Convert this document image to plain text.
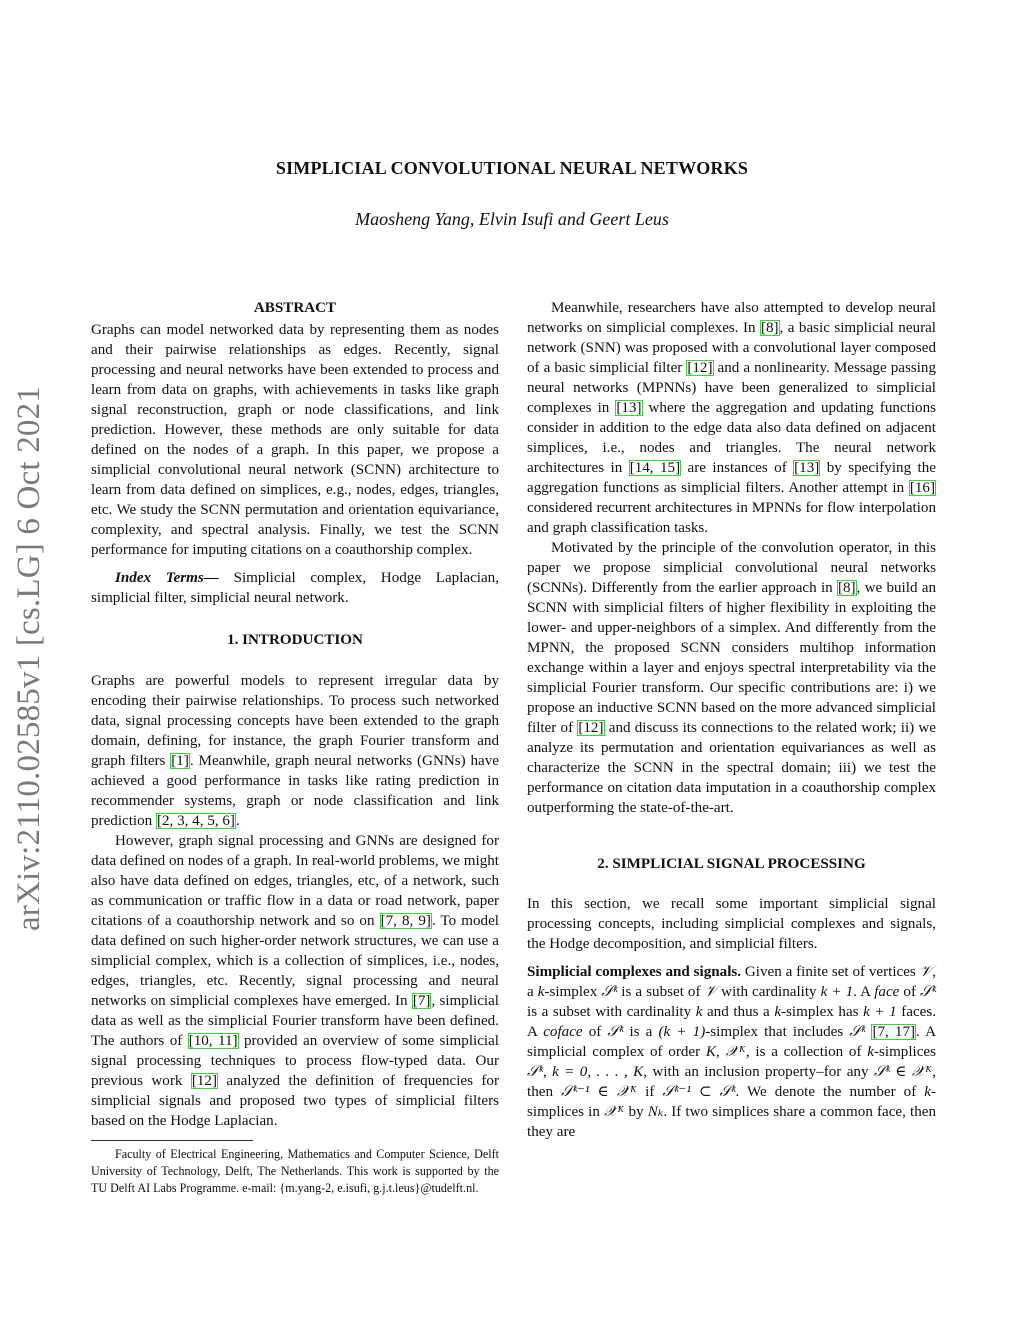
arXiv:2110.02585v1 [cs.LG] 6 Oct 2021
SIMPLICIAL CONVOLUTIONAL NEURAL NETWORKS
Maosheng Yang, Elvin Isufi and Geert Leus
ABSTRACT

Graphs can model networked data by representing them as nodes and their pairwise relationships as edges. Recently, signal processing and neural networks have been extended to process and learn from data on graphs, with achievements in tasks like graph signal reconstruction, graph or node classifications, and link prediction. However, these methods are only suitable for data defined on the nodes of a graph. In this paper, we propose a simplicial convolutional neural network (SCNN) architecture to learn from data defined on simplices, e.g., nodes, edges, triangles, etc. We study the SCNN permutation and orientation equivariance, complexity, and spectral analysis. Finally, we test the SCNN performance for imputing citations on a coauthorship complex.

Index Terms— Simplicial complex, Hodge Laplacian, simplicial filter, simplicial neural network.

1. INTRODUCTION

Graphs are powerful models to represent irregular data by encoding their pairwise relationships. To process such networked data, signal processing concepts have been extended to the graph domain, defining, for instance, the graph Fourier transform and graph filters [1]. Meanwhile, graph neural networks (GNNs) have achieved a good performance in tasks like rating prediction in recommender systems, graph or node classification and link prediction [2, 3, 4, 5, 6].

However, graph signal processing and GNNs are designed for data defined on nodes of a graph. In real-world problems, we might also have data defined on edges, triangles, etc, of a network, such as communication or traffic flow in a data or road network, paper citations of a coauthorship network and so on [7, 8, 9]. To model data defined on such higher-order network structures, we can use a simplicial complex, which is a collection of simplices, i.e., nodes, edges, triangles, etc. Recently, signal processing and neural networks on simplicial complexes have emerged. In [7], simplicial data as well as the simplicial Fourier transform have been defined. The authors of [10, 11] provided an overview of some simplicial signal processing techniques to process flow-typed data. Our previous work [12] analyzed the definition of frequencies for simplicial signals and proposed two types of simplicial filters based on the Hodge Laplacian.

Meanwhile, researchers have also attempted to develop neural networks on simplicial complexes. In [8], a basic simplicial neural network (SNN) was proposed with a convolutional layer composed of a basic simplicial filter [12] and a nonlinearity. Message passing neural networks (MPNNs) have been generalized to simplicial complexes in [13] where the aggregation and updating functions consider in addition to the edge data also data defined on adjacent simplices, i.e., nodes and triangles. The neural network architectures in [14, 15] are instances of [13] by specifying the aggregation functions as simplicial filters. Another attempt in [16] considered recurrent architectures in MPNNs for flow interpolation and graph classification tasks.

Motivated by the principle of the convolution operator, in this paper we propose simplicial convolutional neural networks (SCNNs). Differently from the earlier approach in [8], we build an SCNN with simplicial filters of higher flexibility in exploiting the lower- and upper-neighbors of a simplex. And differently from the MPNN, the proposed SCNN considers multihop information exchange within a layer and enjoys spectral interpretability via the simplicial Fourier transform. Our specific contributions are: i) we propose an inductive SCNN based on the more advanced simplicial filter of [12] and discuss its connections to the related work; ii) we analyze its permutation and orientation equivariances as well as characterize the SCNN in the spectral domain; iii) we test the performance on citation data imputation in a coauthorship complex outperforming the state-of-the-art.

2. SIMPLICIAL SIGNAL PROCESSING

In this section, we recall some important simplicial signal processing concepts, including simplicial complexes and signals, the Hodge decomposition, and simplicial filters.

Simplicial complexes and signals. Given a finite set of vertices 𝒱, a k-simplex 𝒮ᵏ is a subset of 𝒱 with cardinality k + 1. A face of 𝒮ᵏ is a subset with cardinality k and thus a k-simplex has k + 1 faces. A coface of 𝒮ᵏ is a (k + 1)-simplex that includes 𝒮ᵏ [7, 17]. A simplicial complex of order K, 𝒳ᴷ, is a collection of k-simplices 𝒮ᵏ, k = 0, . . . , K, with an inclusion property–for any 𝒮ᵏ ∈ 𝒳ᴷ, then 𝒮ᵏ⁻¹ ∈ 𝒳ᴷ if 𝒮ᵏ⁻¹ ⊂ 𝒮ᵏ. We denote the number of k-simplices in 𝒳ᴷ by Nₖ. If two simplices share a common face, then they are

Faculty of Electrical Engineering, Mathematics and Computer Science, Delft University of Technology, Delft, The Netherlands. This work is supported by the TU Delft AI Labs Programme. e-mail: {m.yang-2, e.isufi, g.j.t.leus}@tudelft.nl.
